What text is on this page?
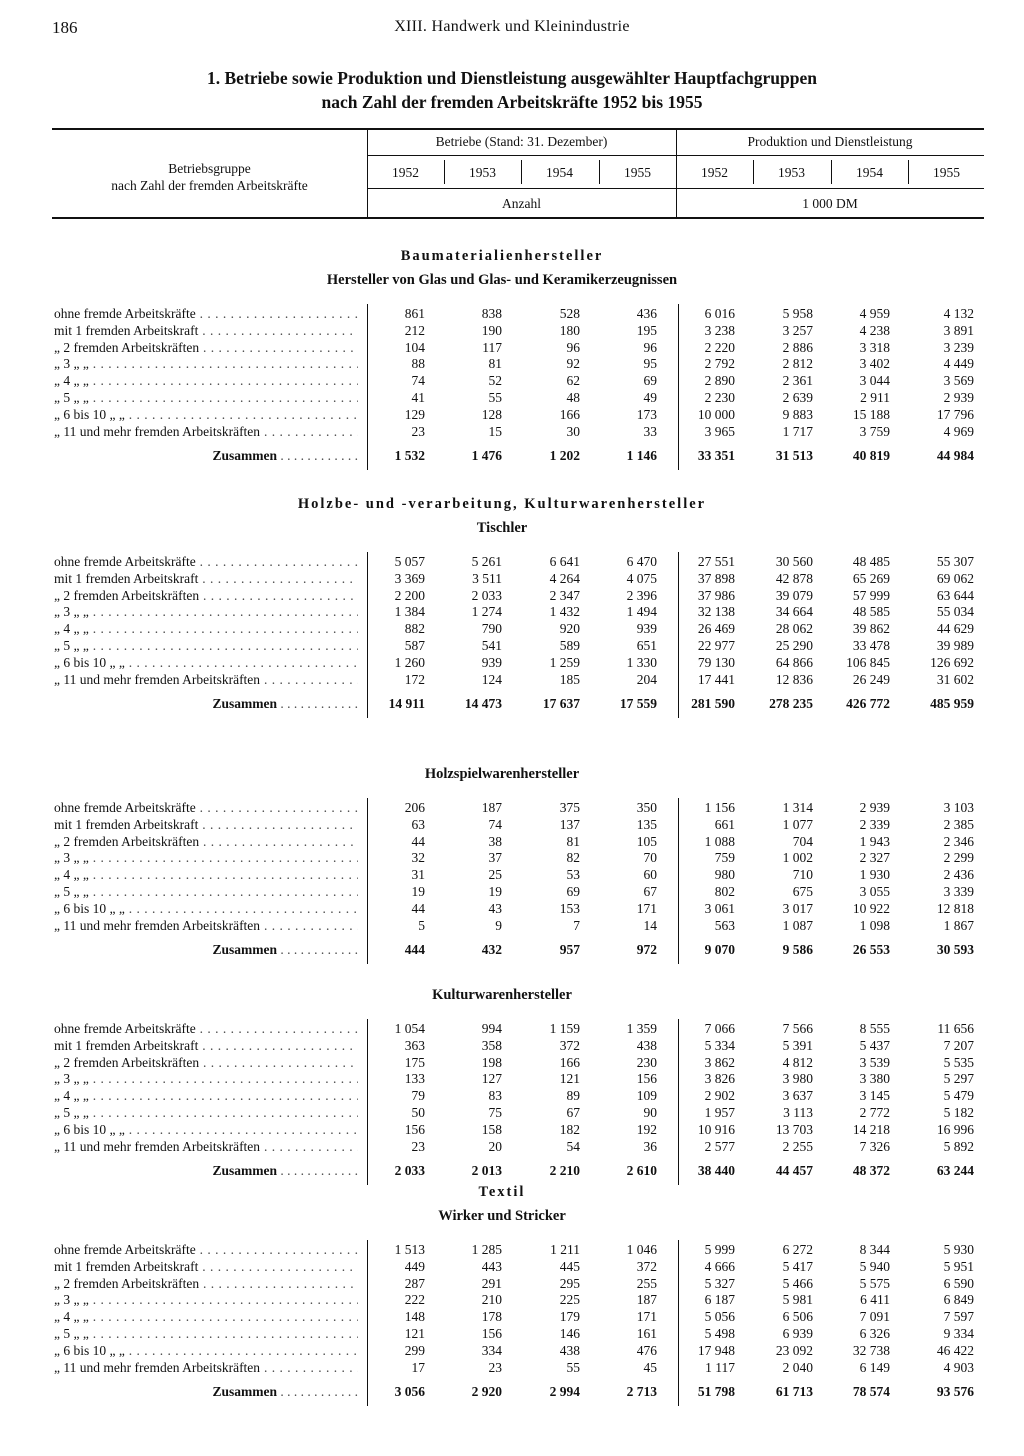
186	XIII. Handwerk und Kleinindustrie
1. Betriebe sowie Produktion und Dienstleistung ausgewählter Hauptfachgruppen
nach Zahl der fremden Arbeitskräfte 1952 bis 1955
Betriebsgruppe
nach Zahl der fremden Arbeitskräfte
Betriebe (Stand: 31. Dezember)	Produktion und Dienstleistung
1952	1953	1954	1955	1952	1953	1954	1955
Anzahl	1 000 DM
Baumaterialienhersteller
Hersteller von Glas und Glas- und Keramikerzeugnissen
ohne fremde Arbeitskräfte . . .	861	838	528	436	6 016	5 958	4 959	4 132
mit 1 fremden Arbeitskraft . . .	212	190	180	195	3 238	3 257	4 238	3 891
„ 2 fremden Arbeitskräften . . .	104	117	96	96	2 220	2 886	3 318	3 239
„ 3 „ „ . . .	88	81	92	95	2 792	2 812	3 402	4 449
„ 4 „ „ . . .	74	52	62	69	2 890	2 361	3 044	3 569
„ 5 „ „ . . .	41	55	48	49	2 230	2 639	2 911	2 939
„ 6 bis 10 „ „ . . .	129	128	166	173	10 000	9 883	15 188	17 796
„ 11 und mehr fremden Arbeitskräften . . .	23	15	30	33	3 965	1 717	3 759	4 969
Zusammen . . . . . . . . . . . .	1 532	1 476	1 202	1 146	33 351	31 513	40 819	44 984
Holzbe- und -verarbeitung, Kulturwarenhersteller
Tischler
ohne fremde Arbeitskräfte . . .	5 057	5 261	6 641	6 470	27 551	30 560	48 485	55 307
mit 1 fremden Arbeitskraft . . .	3 369	3 511	4 264	4 075	37 898	42 878	65 269	69 062
„ 2 fremden Arbeitskräften . . .	2 200	2 033	2 347	2 396	37 986	39 079	57 999	63 644
„ 3 „ „ . . .	1 384	1 274	1 432	1 494	32 138	34 664	48 585	55 034
„ 4 „ „ . . .	882	790	920	939	26 469	28 062	39 862	44 629
„ 5 „ „ . . .	587	541	589	651	22 977	25 290	33 478	39 989
„ 6 bis 10 „ „ . . .	1 260	939	1 259	1 330	79 130	64 866	106 845	126 692
„ 11 und mehr fremden Arbeitskräften . . .	172	124	185	204	17 441	12 836	26 249	31 602
Zusammen . . . . . . . . . . . .	14 911	14 473	17 637	17 559	281 590	278 235	426 772	485 959
Holzspielwarenhersteller
ohne fremde Arbeitskräfte . . .	206	187	375	350	1 156	1 314	2 939	3 103
mit 1 fremden Arbeitskraft . . .	63	74	137	135	661	1 077	2 339	2 385
„ 2 fremden Arbeitskräften . . .	44	38	81	105	1 088	704	1 943	2 346
„ 3 „ „ . . .	32	37	82	70	759	1 002	2 327	2 299
„ 4 „ „ . . .	31	25	53	60	980	710	1 930	2 436
„ 5 „ „ . . .	19	19	69	67	802	675	3 055	3 339
„ 6 bis 10 „ „ . . .	44	43	153	171	3 061	3 017	10 922	12 818
„ 11 und mehr fremden Arbeitskräften . . .	5	9	7	14	563	1 087	1 098	1 867
Zusammen . . . . . . . . . . . .	444	432	957	972	9 070	9 586	26 553	30 593
Kulturwarenhersteller
ohne fremde Arbeitskräfte . . .	1 054	994	1 159	1 359	7 066	7 566	8 555	11 656
mit 1 fremden Arbeitskraft . . .	363	358	372	438	5 334	5 391	5 437	7 207
„ 2 fremden Arbeitskräften . . .	175	198	166	230	3 862	4 812	3 539	5 535
„ 3 „ „ . . .	133	127	121	156	3 826	3 980	3 380	5 297
„ 4 „ „ . . .	79	83	89	109	2 902	3 637	3 145	5 479
„ 5 „ „ . . .	50	75	67	90	1 957	3 113	2 772	5 182
„ 6 bis 10 „ „ . . .	156	158	182	192	10 916	13 703	14 218	16 996
„ 11 und mehr fremden Arbeitskräften . . .	23	20	54	36	2 577	2 255	7 326	5 892
Zusammen . . . . . . . . . . . .	2 033	2 013	2 210	2 610	38 440	44 457	48 372	63 244
Textil
Wirker und Stricker
ohne fremde Arbeitskräfte . . .	1 513	1 285	1 211	1 046	5 999	6 272	8 344	5 930
mit 1 fremden Arbeitskraft . . .	449	443	445	372	4 666	5 417	5 940	5 951
„ 2 fremden Arbeitskräften . . .	287	291	295	255	5 327	5 466	5 575	6 590
„ 3 „ „ . . .	222	210	225	187	6 187	5 981	6 411	6 849
„ 4 „ „ . . .	148	178	179	171	5 056	6 506	7 091	7 597
„ 5 „ „ . . .	121	156	146	161	5 498	6 939	6 326	9 334
„ 6 bis 10 „ „ . . .	299	334	438	476	17 948	23 092	32 738	46 422
„ 11 und mehr fremden Arbeitskräften . . .	17	23	55	45	1 117	2 040	6 149	4 903
Zusammen . . . . . . . . . . . .	3 056	2 920	2 994	2 713	51 798	61 713	78 574	93 576
